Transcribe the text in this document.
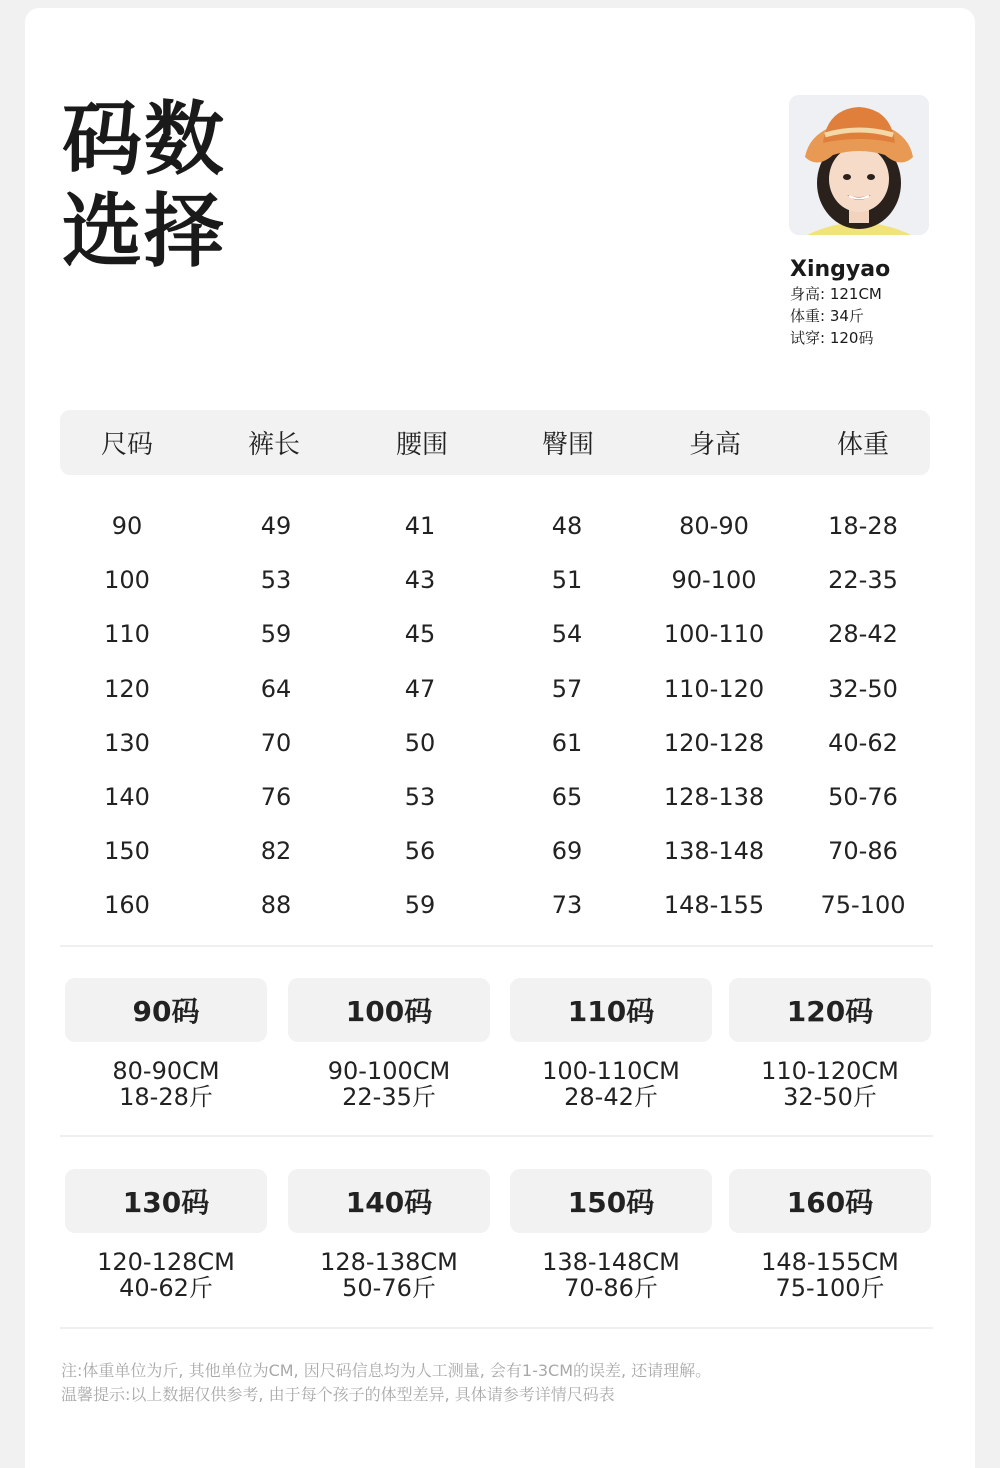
码数
选择	Xingyao
身高: 121CM
体重: 34斤
试穿: 120码
尺码	裤长	腰围	臀围	身高	体重
90	49	41	48	80-90	18-28
100	53	43	51	90-100	22-35
110	59	45	54	100-110	28-42
120	64	47	57	110-120	32-50
130	70	50	61	120-128	40-62
140	76	53	65	128-138	50-76
150	82	56	69	138-148	70-86
160	88	59	73	148-155	75-100
90码
80-90CM
18-28斤
100码
90-100CM
22-35斤
110码
100-110CM
28-42斤
120码
110-120CM
32-50斤
130码
120-128CM
40-62斤
140码
128-138CM
50-76斤
150码
138-148CM
70-86斤
160码
148-155CM
75-100斤
注:体重单位为斤, 其他单位为CM, 因尺码信息均为人工测量, 会有1-3CM的误差, 还请理解。
温馨提示:以上数据仅供参考, 由于每个孩子的体型差异, 具体请参考详情尺码表
